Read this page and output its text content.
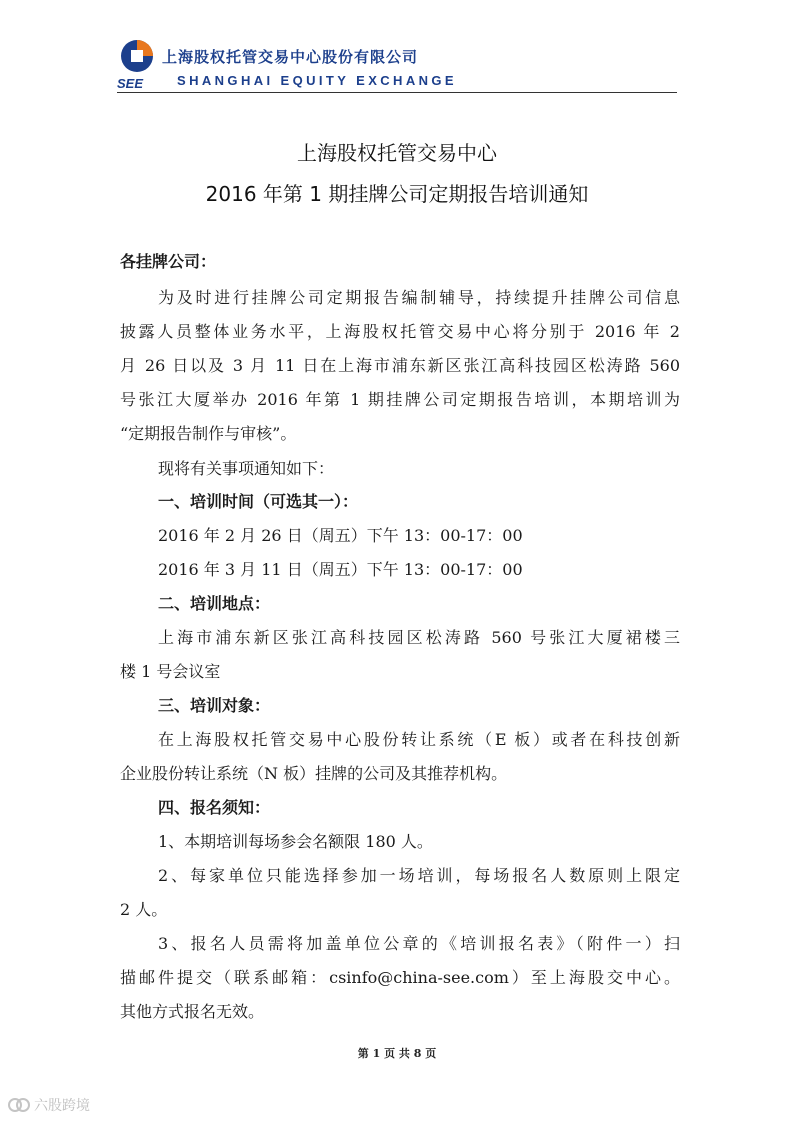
SEE
上海股权托管交易中心股份有限公司
SHANGHAI EQUITY EXCHANGE
上海股权托管交易中心
2016 年第 1 期挂牌公司定期报告培训通知
各挂牌公司：
为及时进行挂牌公司定期报告编制辅导，持续提升挂牌公司信息
披露人员整体业务水平，上海股权托管交易中心将分别于 2016 年 2
月 26 日以及 3 月 11 日在上海市浦东新区张江高科技园区松涛路 560
号张江大厦举办 2016 年第 1 期挂牌公司定期报告培训，本期培训为
“定期报告制作与审核”。
现将有关事项通知如下：
一、培训时间（可选其一）：
2016 年 2 月 26 日（周五）下午 13：00-17：00
2016 年 3 月 11 日（周五）下午 13：00-17：00
二、培训地点：
上海市浦东新区张江高科技园区松涛路 560 号张江大厦裙楼三
楼 1 号会议室
三、培训对象：
在上海股权托管交易中心股份转让系统（E 板）或者在科技创新
企业股份转让系统（N 板）挂牌的公司及其推荐机构。
四、报名须知：
1、本期培训每场参会名额限 180 人。
2、每家单位只能选择参加一场培训，每场报名人数原则上限定
2 人。
3、报名人员需将加盖单位公章的《培训报名表》（附件一）扫
描邮件提交（联系邮箱：csinfo@china-see.com）至上海股交中心。
其他方式报名无效。
第 1 页 共 8 页
六股跨境
